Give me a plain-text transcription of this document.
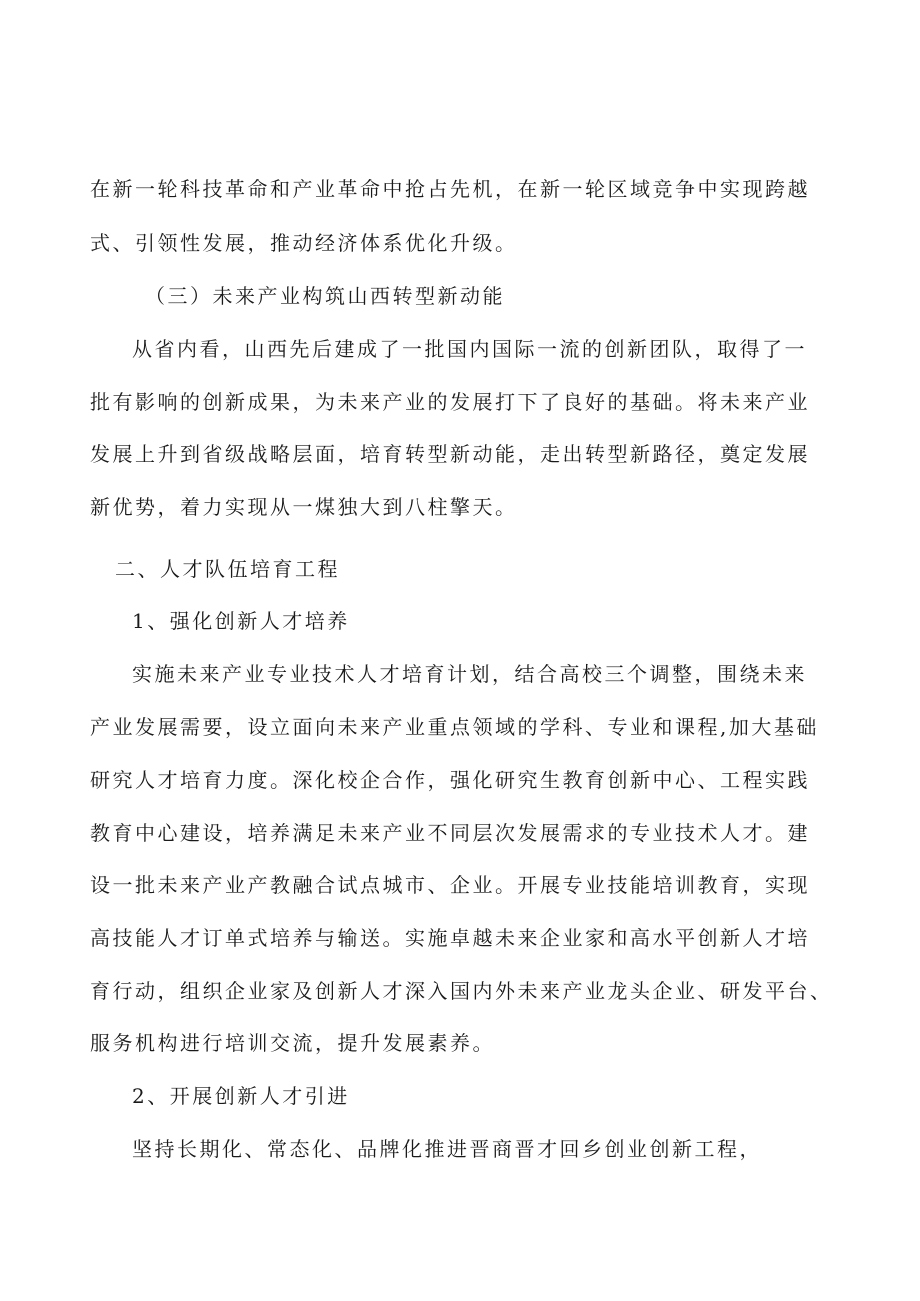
在新一轮科技革命和产业革命中抢占先机，在新一轮区域竞争中实现跨越
式、引领性发展，推动经济体系优化升级。
（三）未来产业构筑山西转型新动能
从省内看，山西先后建成了一批国内国际一流的创新团队，取得了一
批有影响的创新成果，为未来产业的发展打下了良好的基础。将未来产业
发展上升到省级战略层面，培育转型新动能，走出转型新路径，奠定发展
新优势，着力实现从一煤独大到八柱擎天。
二、人才队伍培育工程
1、强化创新人才培养
实施未来产业专业技术人才培育计划，结合高校三个调整，围绕未来
产业发展需要，设立面向未来产业重点领域的学科、专业和课程,加大基础
研究人才培育力度。深化校企合作，强化研究生教育创新中心、工程实践
教育中心建设，培养满足未来产业不同层次发展需求的专业技术人才。建
设一批未来产业产教融合试点城市、企业。开展专业技能培训教育，实现
高技能人才订单式培养与输送。实施卓越未来企业家和高水平创新人才培
育行动，组织企业家及创新人才深入国内外未来产业龙头企业、研发平台、
服务机构进行培训交流，提升发展素养。
2、开展创新人才引进
坚持长期化、常态化、品牌化推进晋商晋才回乡创业创新工程，
